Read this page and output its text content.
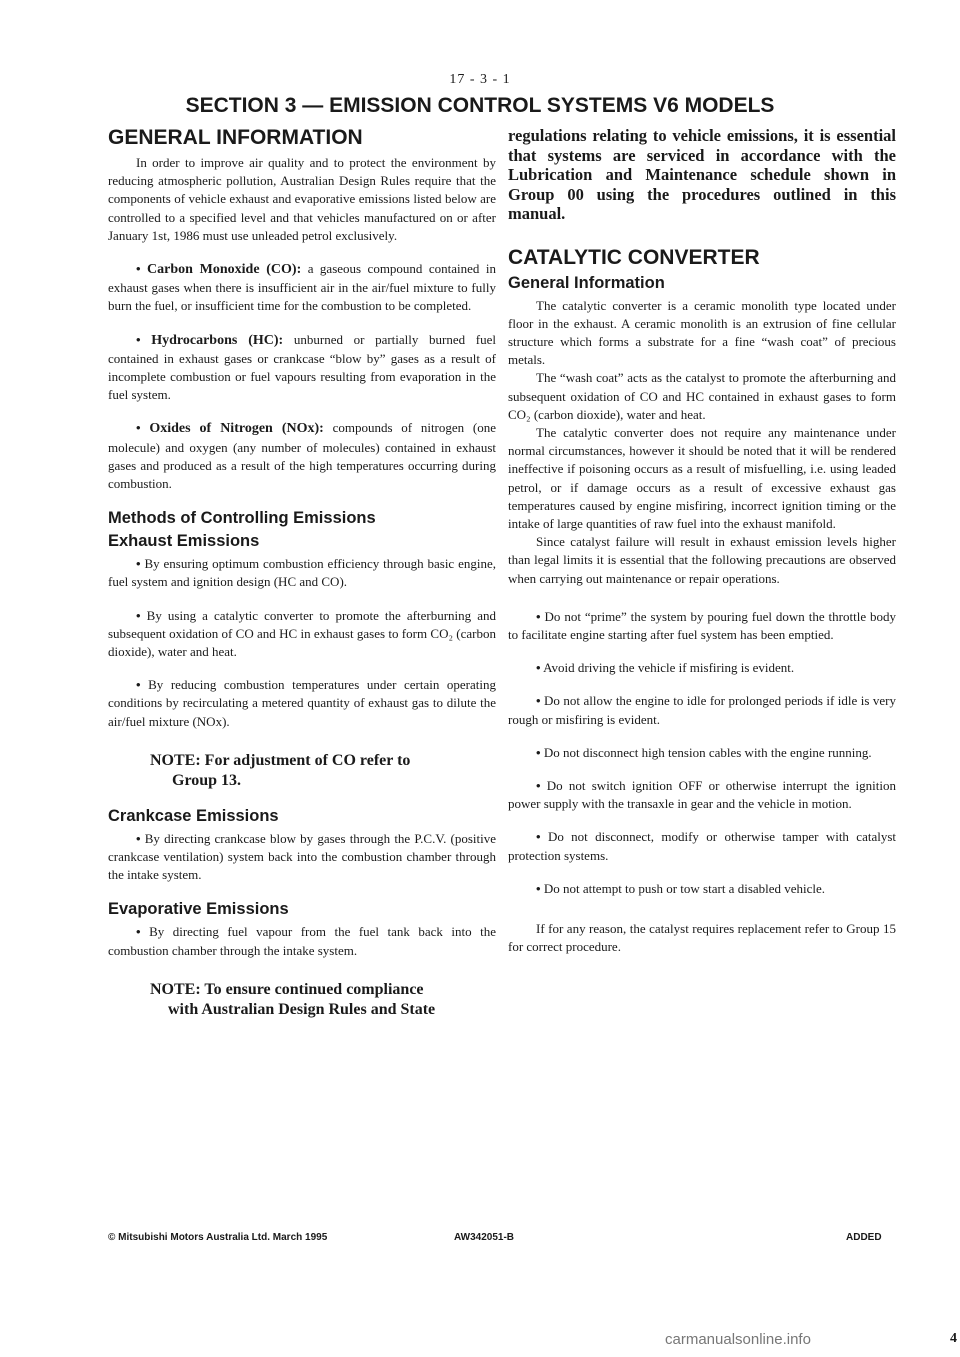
17 - 3 - 1
SECTION 3 — EMISSION CONTROL SYSTEMS V6 MODELS
GENERAL INFORMATION

In order to improve air quality and to protect the environment by reducing atmospheric pollution, Australian Design Rules require that the components of vehicle exhaust and evaporative emissions listed below are controlled to a specified level and that vehicles manufactured on or after January 1st, 1986 must use unleaded petrol exclusively.

• Carbon Monoxide (CO): a gaseous compound contained in exhaust gases when there is insufficient air in the air/fuel mixture to fully burn the fuel, or insufficient time for the combustion to be completed.
• Hydrocarbons (HC): unburned or partially burned fuel contained in exhaust gases or crankcase “blow by” gases as a result of incomplete combustion or fuel vapours resulting from evaporation in the fuel system.
• Oxides of Nitrogen (NOx): compounds of nitrogen (one molecule) and oxygen (any number of molecules) contained in exhaust gases and produced as a result of the high temperatures occurring during combustion.
Methods of Controlling Emissions
Exhaust Emissions
• By ensuring optimum combustion efficiency through basic engine, fuel system and ignition design (HC and CO).
• By using a catalytic converter to promote the afterburning and subsequent oxidation of CO and HC in exhaust gases to form CO₂ (carbon dioxide), water and heat.
• By reducing combustion temperatures under certain operating conditions by recirculating a metered quantity of exhaust gas to dilute the air/fuel mixture (NOx).
NOTE: For adjustment of CO refer to
Group 13.
Crankcase Emissions
• By directing crankcase blow by gases through the P.C.V. (positive crankcase ventilation) system back into the combustion chamber through the intake system.
Evaporative Emissions
• By directing fuel vapour from the fuel tank back into the combustion chamber through the intake system.
NOTE: To ensure continued compliance
with Australian Design Rules and State

regulations relating to vehicle emissions, it is essential that systems are serviced in accordance with the Lubrication and Maintenance schedule shown in Group 00 using the procedures outlined in this manual.

CATALYTIC CONVERTER
General Information

The catalytic converter is a ceramic monolith type located under floor in the exhaust. A ceramic monolith is an extrusion of fine cellular structure which forms a substrate for a fine “wash coat” of precious metals.

The “wash coat” acts as the catalyst to promote the afterburning and subsequent oxidation of CO and HC contained in exhaust gases to form CO₂ (carbon dioxide), water and heat.

The catalytic converter does not require any maintenance under normal circumstances, however it should be noted that it will be rendered ineffective if poisoning occurs as a result of misfuelling, i.e. using leaded petrol, or if damage occurs as a result of excessive exhaust gas temperatures caused by engine misfiring, incorrect ignition timing or the intake of large quantities of raw fuel into the exhaust manifold.

Since catalyst failure will result in exhaust emission levels higher than legal limits it is essential that the following precautions are observed when carrying out maintenance or repair operations.

• Do not “prime” the system by pouring fuel down the throttle body to facilitate engine starting after fuel system has been emptied.
• Avoid driving the vehicle if misfiring is evident.
• Do not allow the engine to idle for prolonged periods if idle is very rough or misfiring is evident.
• Do not disconnect high tension cables with the engine running.
• Do not switch ignition OFF or otherwise interrupt the ignition power supply with the transaxle in gear and the vehicle in motion.
• Do not disconnect, modify or otherwise tamper with catalyst protection systems.
• Do not attempt to push or tow start a disabled vehicle.

If for any reason, the catalyst requires replacement refer to Group 15 for correct procedure.

© Mitsubishi Motors Australia Ltd. March 1995	AW342051-B	ADDED
carmanualsonline.info	4
